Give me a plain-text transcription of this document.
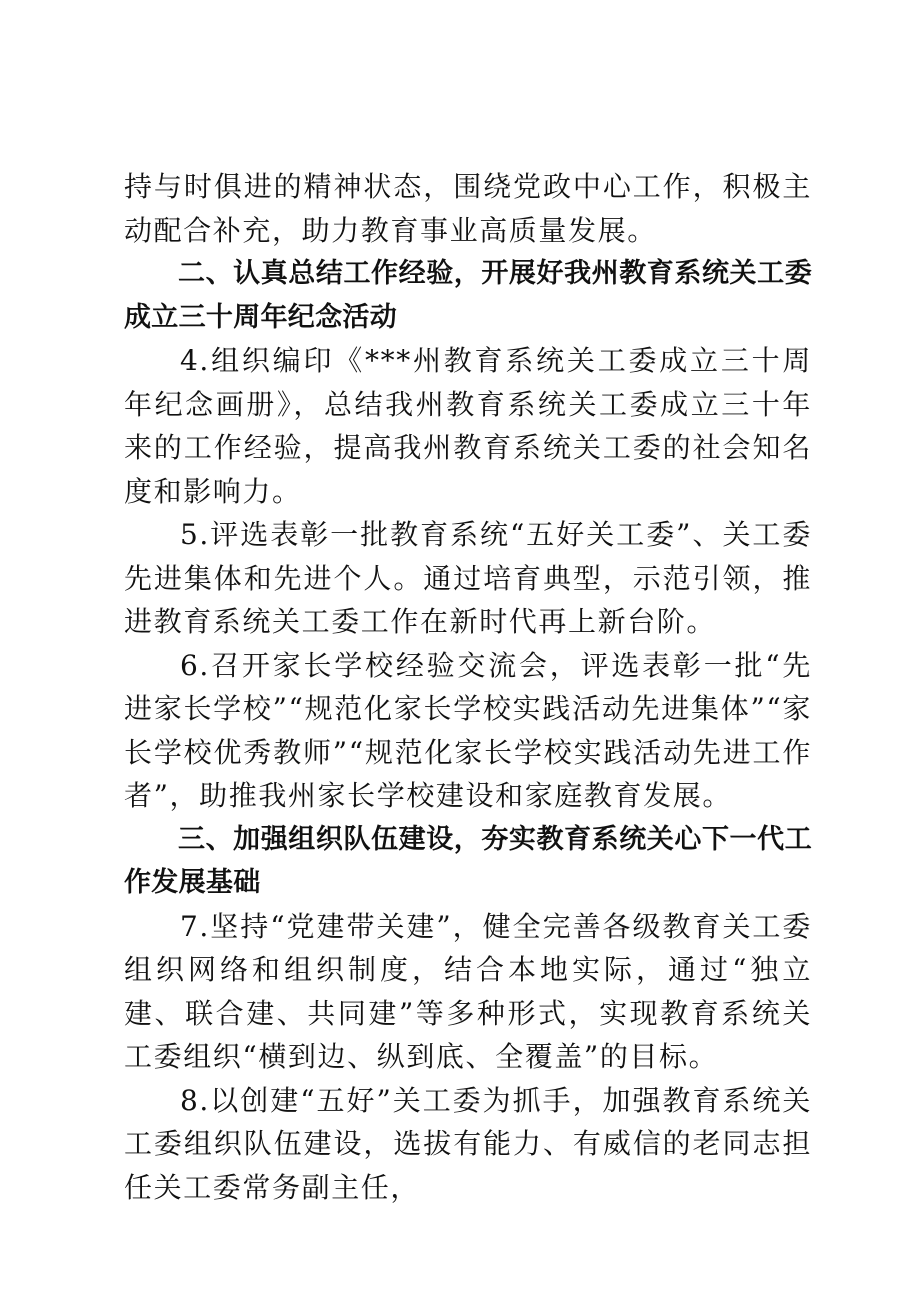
持与时俱进的精神状态，围绕党政中心工作，积极主动配合补充，助力教育事业高质量发展。

二、认真总结工作经验，开展好我州教育系统关工委成立三十周年纪念活动

4.组织编印《***州教育系统关工委成立三十周年纪念画册》，总结我州教育系统关工委成立三十年来的工作经验，提高我州教育系统关工委的社会知名度和影响力。

5.评选表彰一批教育系统“五好关工委”、关工委先进集体和先进个人。通过培育典型，示范引领，推进教育系统关工委工作在新时代再上新台阶。

6.召开家长学校经验交流会，评选表彰一批“先进家长学校”“规范化家长学校实践活动先进集体”“家长学校优秀教师”“规范化家长学校实践活动先进工作者”，助推我州家长学校建设和家庭教育发展。

三、加强组织队伍建设，夯实教育系统关心下一代工作发展基础

7.坚持“党建带关建”，健全完善各级教育关工委组织网络和组织制度，结合本地实际，通过“独立建、联合建、共同建”等多种形式，实现教育系统关工委组织“横到边、纵到底、全覆盖”的目标。

8.以创建“五好”关工委为抓手，加强教育系统关工委组织队伍建设，选拔有能力、有威信的老同志担任关工委常务副主任，
